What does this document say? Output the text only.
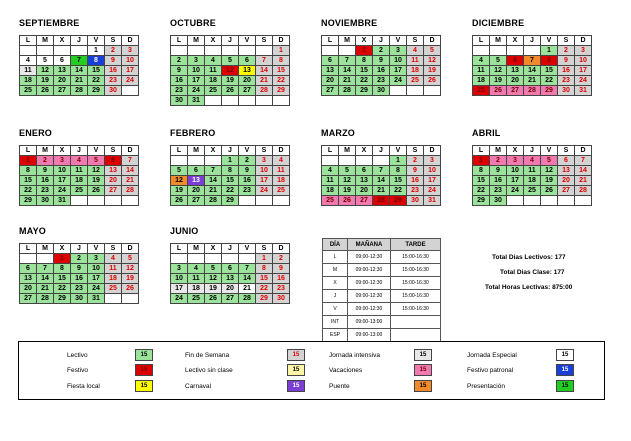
SEPTIEMBRE
L	M	X	J	V	S	D
				1	2	3
4	5	6	7	8	9	10
11	12	13	14	15	16	17
18	19	20	21	22	23	24
25	26	27	28	29	30	
OCTUBRE
L	M	X	J	V	S	D
						1
2	3	4	5	6	7	8
9	10	11	12	13	14	15
16	17	18	19	20	21	22
23	24	25	26	27	28	29
30	31					
NOVIEMBRE
L	M	X	J	V	S	D
		1	2	3	4	5
6	7	8	9	10	11	12
13	14	15	16	17	18	19
20	21	22	23	24	25	26
27	28	29	30			
DICIEMBRE
L	M	X	J	V	S	D
				1	2	3
4	5	6	7	8	9	10
11	12	13	14	15	16	17
18	19	20	21	22	23	24
25	26	27	28	29	30	31
ENERO
L	M	X	J	V	S	D
1	2	3	4	5	6	7
8	9	10	11	12	13	14
15	16	17	18	19	20	21
22	23	24	25	26	27	28
29	30	31				
FEBRERO
L	M	X	J	V	S	D
			1	2	3	4
5	6	7	8	9	10	11
12	13	14	15	16	17	18
19	20	21	22	23	24	25
26	27	28	29			
MARZO
L	M	X	J	V	S	D
				1	2	3
4	5	6	7	8	9	10
11	12	13	14	15	16	17
18	19	20	21	22	23	24
25	26	27	28	29	30	31
ABRIL
L	M	X	J	V	S	D
1	2	3	4	5	6	7
8	9	10	11	12	13	14
15	16	17	18	19	20	21
22	23	24	25	26	27	28
29	30					
MAYO
L	M	X	J	V	S	D
		1	2	3	4	5
6	7	8	9	10	11	12
13	14	15	16	17	18	19
20	21	22	23	24	25	26
27	28	29	30	31		
JUNIO
L	M	X	J	V	S	D
					1	2
3	4	5	6	7	8	9
10	11	12	13	14	15	16
17	18	19	20	21	22	23
24	25	26	27	28	29	30
DÍA	MAÑANA	TARDE
L	09:00-12:30	15:00-16:30
M	09:00-12:30	15:00-16:30
X	09:00-12:30	15:00-16:30
J	09:00-12:30	15:00-16:30
V	09:00-12:30	15:00-16:30
INT	09:00-13:00	
ESP	09:00-13:00	
Total Dias Lectivos: 177
Total Dias Clase: 177
Total Horas Lectivas: 875:00
Lectivo	15	Fin de Semana	15	Jornada intensiva	15	Jornada Especial	15
Festivo	15	Lectivo sin clase	15	Vacaciones	15	Festivo patronal	15
Fiesta local	15	Carnaval	15	Puente	15	Presentación	15
